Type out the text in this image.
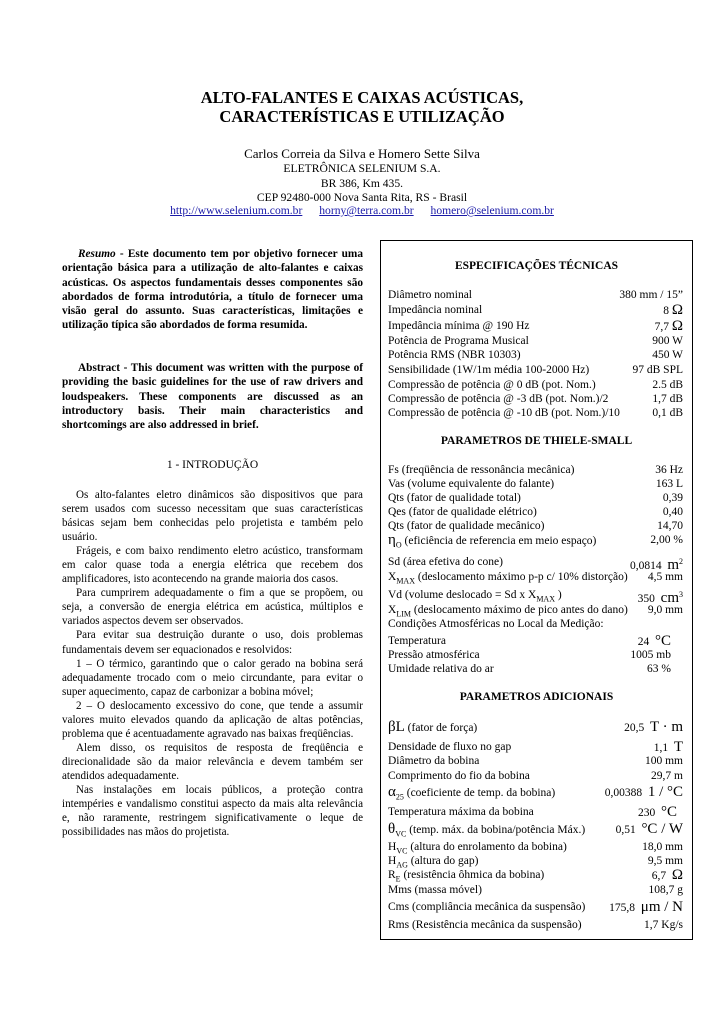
ALTO-FALANTES E CAIXAS ACÚSTICAS,
CARACTERÍSTICAS E UTILIZAÇÃO
Carlos Correia da Silva e Homero Sette Silva
ELETRÔNICA SELENIUM S.A.
BR 386, Km 435.
CEP 92480-000 Nova Santa Rita, RS - Brasil
http://www.selenium.com.br horny@terra.com.br homero@selenium.com.br

Resumo - Este documento tem por objetivo fornecer uma orientação básica para a utilização de alto-falantes e caixas acústicas. Os aspectos fundamentais desses componentes são abordados de forma introdutória, a título de fornecer uma visão geral do assunto. Suas características, limitações e utilização típica são abordados de forma resumida.

Abstract - This document was written with the purpose of providing the basic guidelines for the use of raw drivers and loudspeakers. These components are discussed as an introductory basis. Their main characteristics and shortcomings are also addressed in brief.

1 - INTRODUÇÃO

Os alto-falantes eletro dinâmicos são dispositivos que para serem usados com sucesso necessitam que suas características básicas sejam bem conhecidas pelo projetista e também pelo usuário.

Frágeis, e com baixo rendimento eletro acústico, transformam em calor quase toda a energia elétrica que recebem dos amplificadores, isto acontecendo na grande maioria dos casos.

Para cumprirem adequadamente o fim a que se propõem, ou seja, a conversão de energia elétrica em acústica, múltiplos e variados aspectos devem ser observados.

Para evitar sua destruição durante o uso, dois problemas fundamentais devem ser equacionados e resolvidos:

1 – O térmico, garantindo que o calor gerado na bobina será adequadamente trocado com o meio circundante, para evitar o super aquecimento, capaz de carbonizar a bobina móvel;

2 – O deslocamento excessivo do cone, que tende a assumir valores muito elevados quando da aplicação de altas potências, problema que é acentuadamente agravado nas baixas freqüências.

Alem disso, os requisitos de resposta de freqüência e direcionalidade são da maior relevância e devem também ser atendidos adequadamente.

Nas instalações em locais públicos, a proteção contra intempéries e vandalismo constitui aspecto da mais alta relevância e, não raramente, restringem significativamente o leque de possibilidades nas mãos do projetista.

ESPECIFICAÇÕES TÉCNICAS
Diâmetro nominal	380 mm / 15”
Impedância nominal	8 Ω
Impedância mínima @ 190 Hz	7,7 Ω
Potência de Programa Musical	900 W
Potência RMS (NBR 10303)	450 W
Sensibilidade (1W/1m média 100-2000 Hz)	97 dB SPL
Compressão de potência @ 0 dB (pot. Nom.)	2.5 dB
Compressão de potência @ -3 dB (pot. Nom.)/2	1,7 dB
Compressão de potência @ -10 dB (pot. Nom.)/10	0,1 dB
PARAMETROS DE THIELE-SMALL
Fs (freqüência de ressonância mecânica)	36 Hz
Vas (volume equivalente do falante)	163 L
Qts (fator de qualidade total)	0,39
Qes (fator de qualidade elétrico)	0,40
Qts (fator de qualidade mecânico)	14,70
$\eta_O$ (eficiência de referencia em meio espaço)	2,00 %
Sd (área efetiva do cone)	0,0814 $m^2$
$X_{MAX}$ (deslocamento máximo p-p c/ 10% distorção) 4,5 mm
Vd (volume deslocado = Sd x $X_{MAX}$ )	350 $cm^3$
$X_{LIM}$ (deslocamento máximo de pico antes do dano) 9,0 mm
Condições Atmosféricas no Local da Medição:
Temperatura	24 °C
Pressão atmosférica	1005 mb
Umidade relativa do ar	63 %
PARAMETROS ADICIONAIS
βL (fator de força)	20,5 T · m
Densidade de fluxo no gap	1,1 T
Diâmetro da bobina	100 mm
Comprimento do fio da bobina	29,7 m
$\alpha_{25}$ (coeficiente de temp. da bobina)	0,00388 1 / °C
Temperatura máxima da bobina	230 °C
$\theta_{VC}$ (temp. máx. da bobina/potência Máx.)	0,51 °C / W
$H_{VC}$ (altura do enrolamento da bobina)	18,0 mm
$H_{AG}$ (altura do gap)	9,5 mm
$R_E$ (resistência ôhmica da bobina)	6,7 Ω
Mms (massa móvel)	108,7 g
Cms (compliância mecânica da suspensão) 175,8 μm / N
Rms (Resistência mecânica da suspensão)	1,7 Kg/s
